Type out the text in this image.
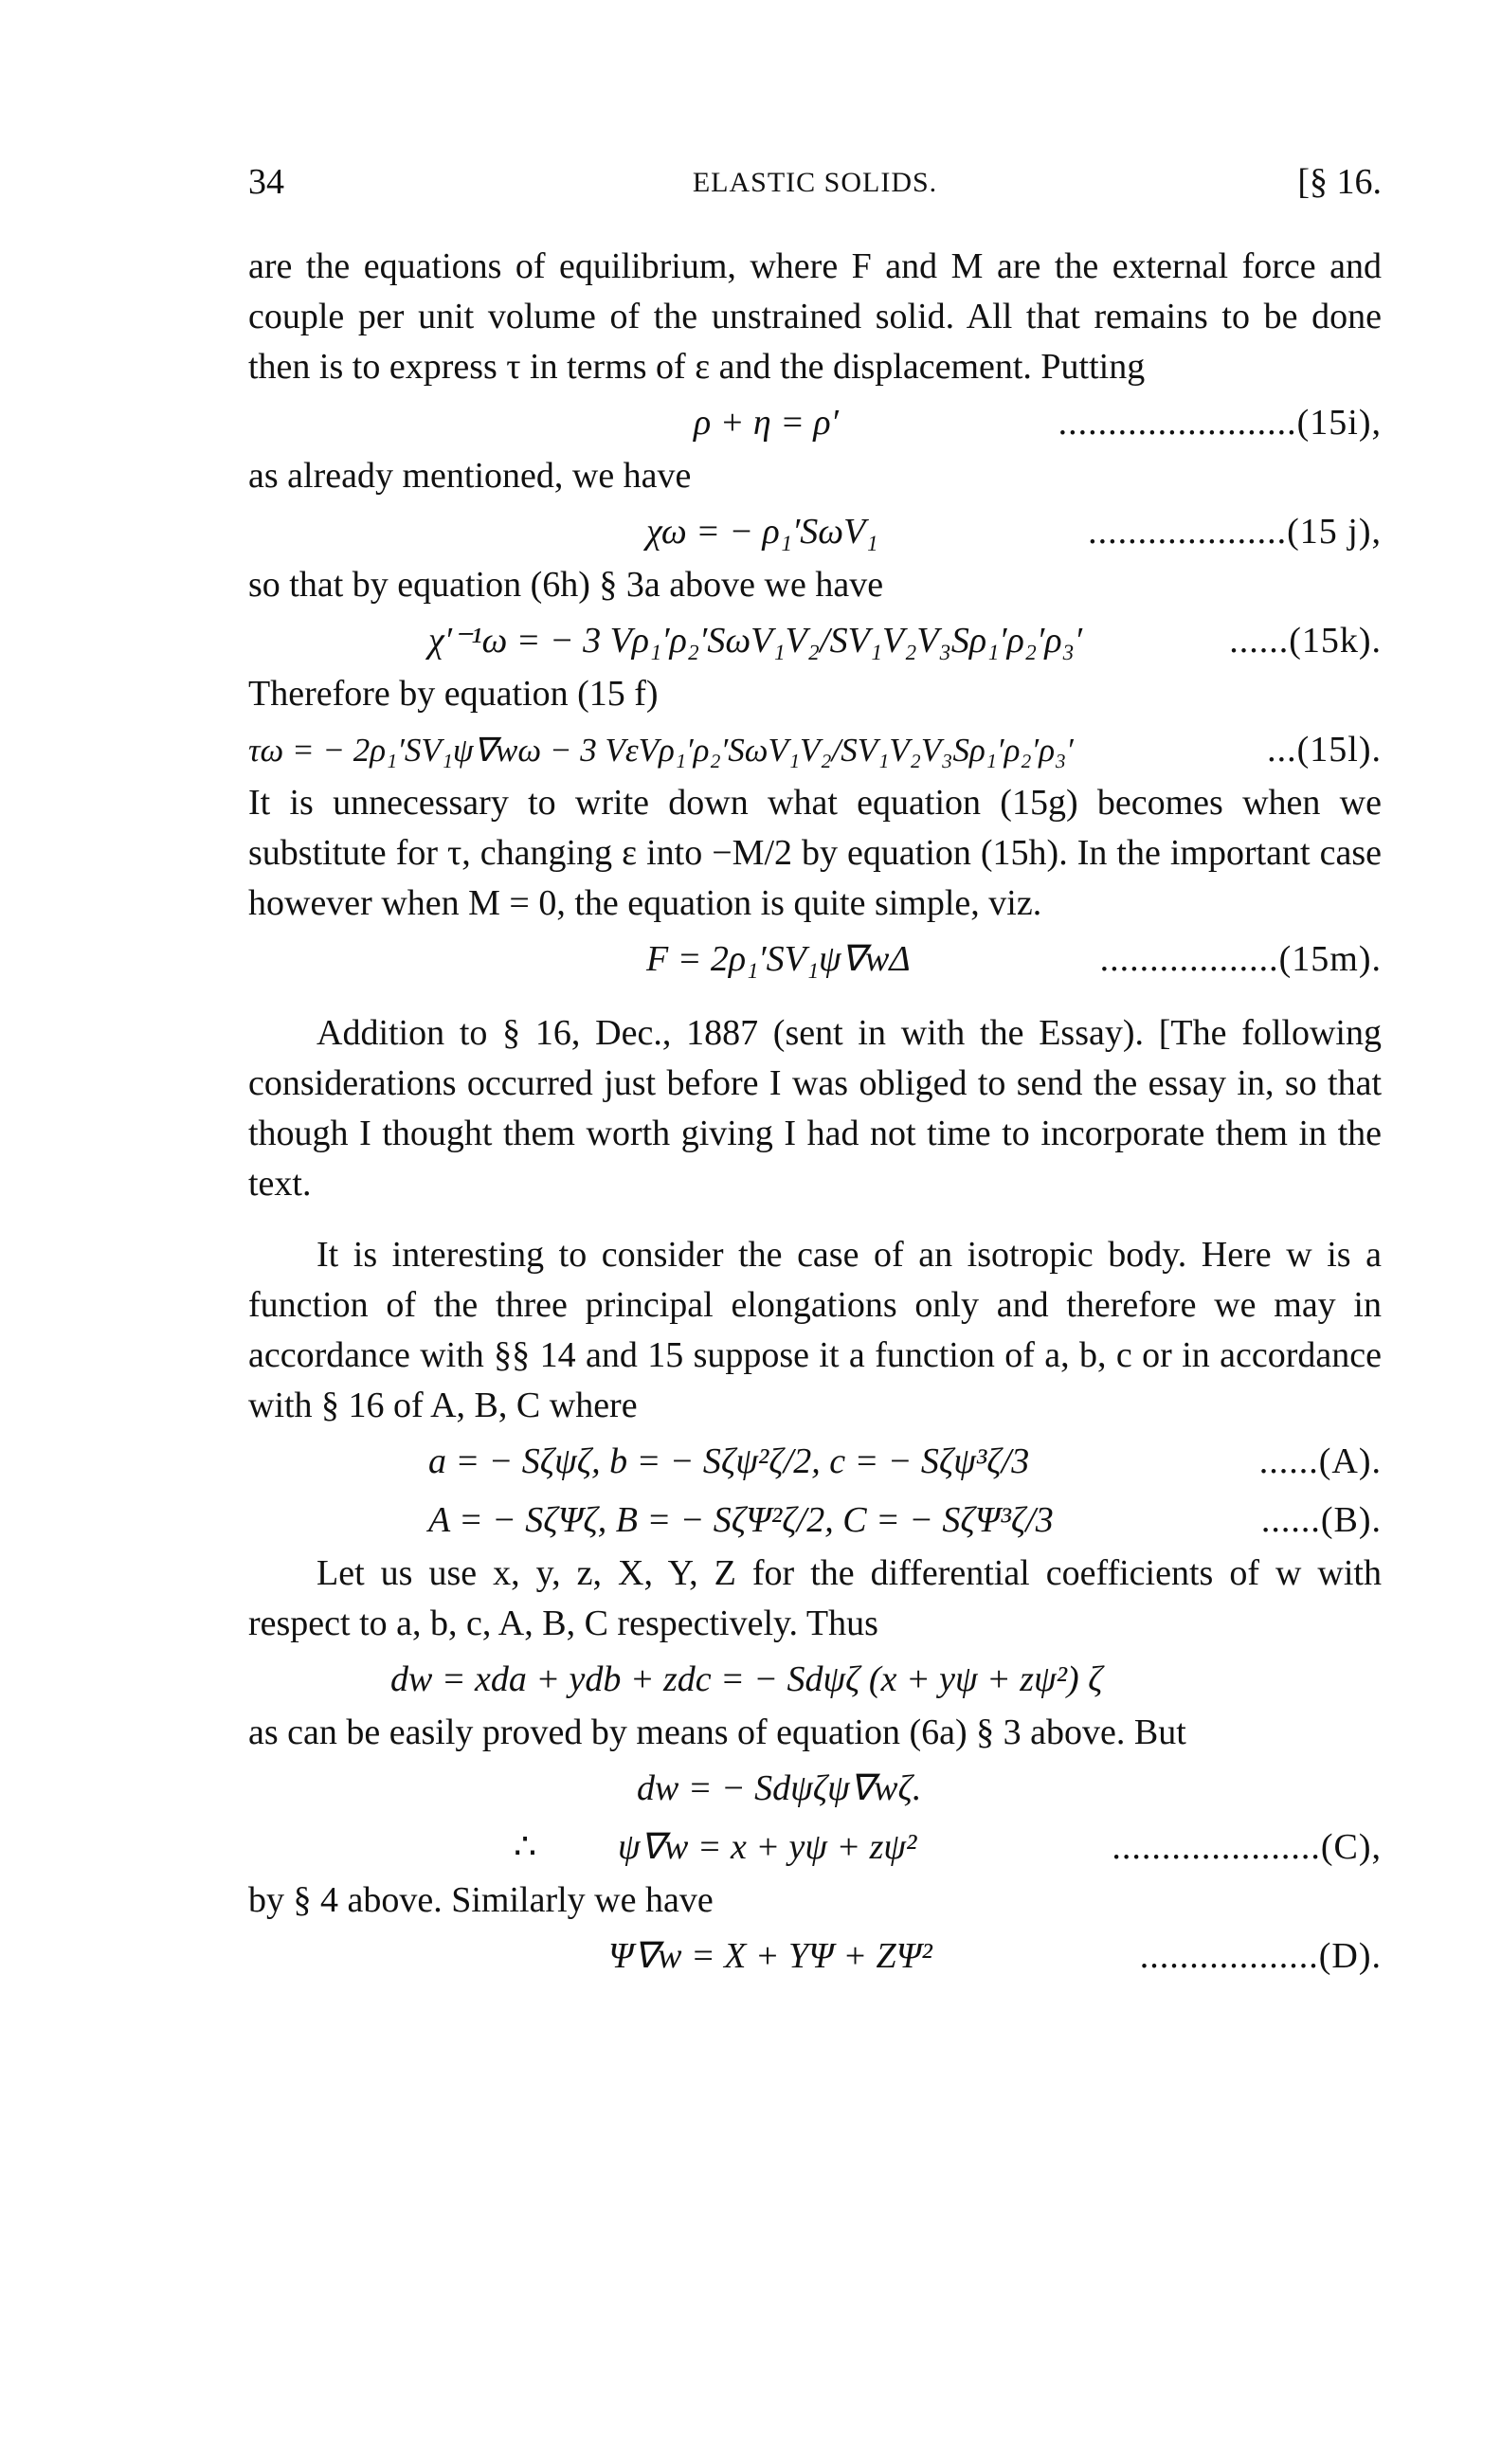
34	ELASTIC SOLIDS.	[§ 16.

are the equations of equilibrium, where F and M are the external force and couple per unit volume of the unstrained solid. All that remains to be done then is to express τ in terms of ε and the displacement. Putting

ρ + η = ρ′	........................(15i),

as already mentioned, we have

χω = − ρ₁′SωV₁	....................(15 j),

so that by equation (6h) § 3a above we have

χ′⁻¹ω = − 3 Vρ₁′ρ₂′SωV₁V₂/SV₁V₂V₃Sρ₁′ρ₂′ρ₃′	......(15k).

Therefore by equation (15 f)

τω = − 2ρ₁′SV₁ψ∇wω − 3 VεVρ₁′ρ₂′SωV₁V₂/SV₁V₂V₃Sρ₁′ρ₂′ρ₃′	...(15l).

It is unnecessary to write down what equation (15g) becomes when we substitute for τ, changing ε into −M/2 by equation (15h). In the important case however when M = 0, the equation is quite simple, viz.

F = 2ρ₁′SV₁ψ∇wΔ	..................(15m).

Addition to § 16, Dec., 1887 (sent in with the Essay). [The following considerations occurred just before I was obliged to send the essay in, so that though I thought them worth giving I had not time to incorporate them in the text.

It is interesting to consider the case of an isotropic body. Here w is a function of the three principal elongations only and therefore we may in accordance with §§ 14 and 15 suppose it a function of a, b, c or in accordance with § 16 of A, B, C where

a = − Sζψζ, b = − Sζψ²ζ/2, c = − Sζψ³ζ/3	......(A).
A = − SζΨζ, B = − SζΨ²ζ/2, C = − SζΨ³ζ/3	......(B).

Let us use x, y, z, X, Y, Z for the differential coefficients of w with respect to a, b, c, A, B, C respectively. Thus

dw = xda + ydb + zdc = − Sdψζ (x + yψ + zψ²) ζ

as can be easily proved by means of equation (6a) § 3 above. But

dw = − Sdψζψ∇wζ.
∴ ψ∇w = x + yψ + zψ²	.....................(C),

by § 4 above. Similarly we have

Ψ∇w = X + YΨ + ZΨ²	..................(D).
